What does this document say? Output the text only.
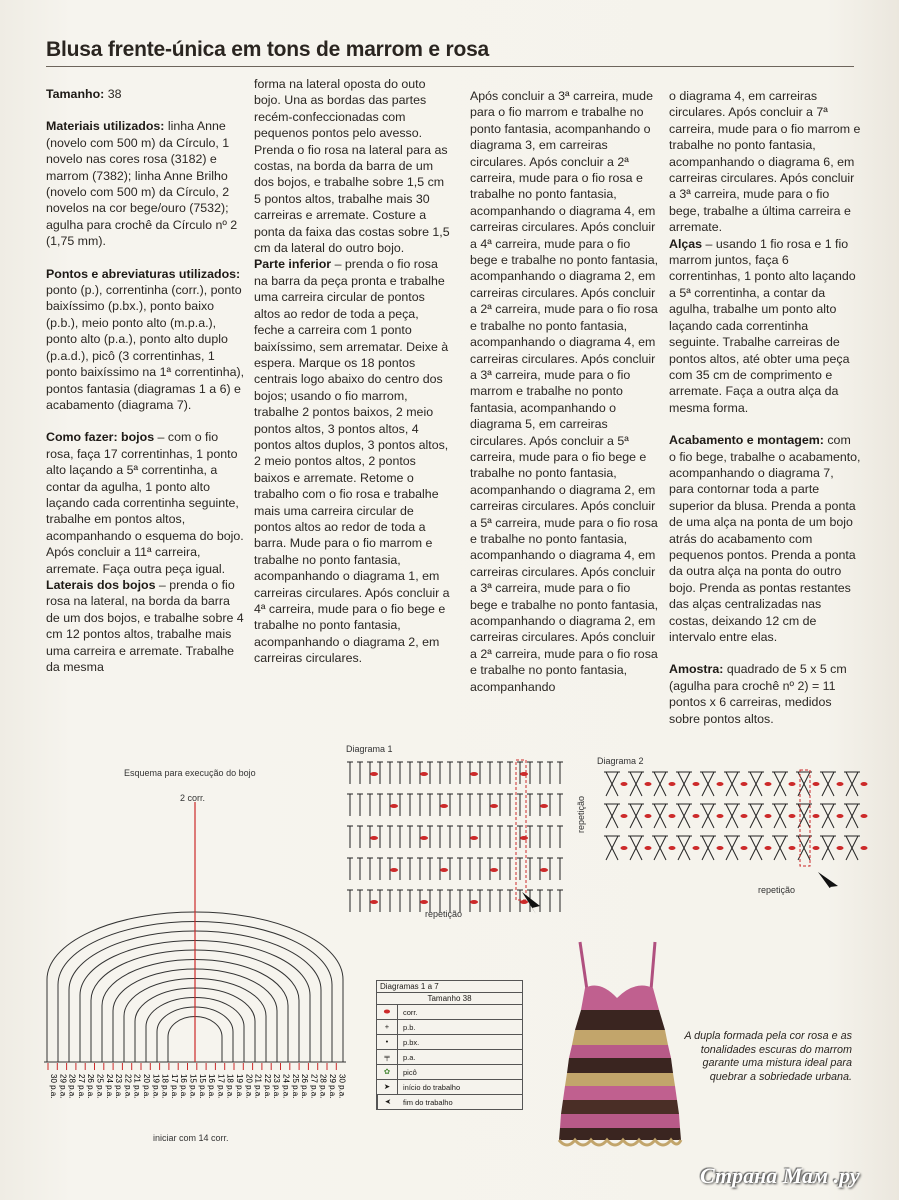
Blusa frente-única em tons de marrom e rosa

Tamanho: 38

Materiais utilizados: linha Anne (novelo com 500 m) da Círculo, 1 novelo nas cores rosa (3182) e marrom (7382); linha Anne Brilho (novelo com 500 m) da Círculo, 2 novelos na cor bege/ouro (7532); agulha para crochê da Círculo nº 2 (1,75 mm).

Pontos e abreviaturas utilizados: ponto (p.), correntinha (corr.), ponto baixíssimo (p.bx.), ponto baixo (p.b.), meio ponto alto (m.p.a.), ponto alto (p.a.), ponto alto duplo (p.a.d.), picô (3 correntinhas, 1 ponto baixíssimo na 1ª correntinha), pontos fantasia (diagramas 1 a 6) e acabamento (diagrama 7).

Como fazer: bojos – com o fio rosa, faça 17 correntinhas, 1 ponto alto laçando a 5ª correntinha, a contar da agulha, 1 ponto alto laçando cada correntinha seguinte, trabalhe em pontos altos, acompanhando o esquema do bojo. Após concluir a 11ª carreira, arremate. Faça outra peça igual.

Laterais dos bojos – prenda o fio rosa na lateral, na borda da barra de um dos bojos, e trabalhe sobre 4 cm 12 pontos altos, trabalhe mais uma carreira e arremate. Trabalhe da mesma

forma na lateral oposta do outo bojo. Una as bordas das partes recém-confeccionadas com pequenos pontos pelo avesso. Prenda o fio rosa na lateral para as costas, na borda da barra de um dos bojos, e trabalhe sobre 1,5 cm 5 pontos altos, trabalhe mais 30 carreiras e arremate. Costure a ponta da faixa das costas sobre 1,5 cm da lateral do outro bojo.

Parte inferior – prenda o fio rosa na barra da peça pronta e trabalhe uma carreira circular de pontos altos ao redor de toda a peça, feche a carreira com 1 ponto baixíssimo, sem arrematar. Deixe à espera. Marque os 18 pontos centrais logo abaixo do centro dos bojos; usando o fio marrom, trabalhe 2 pontos baixos, 2 meio pontos altos, 3 pontos altos, 4 pontos altos duplos, 3 pontos altos, 2 meio pontos altos, 2 pontos baixos e arremate. Retome o trabalho com o fio rosa e trabalhe mais uma carreira circular de pontos altos ao redor de toda a barra. Mude para o fio marrom e trabalhe no ponto fantasia, acompanhando o diagrama 1, em carreiras circulares. Após concluir a 4ª carreira, mude para o fio bege e trabalhe no ponto fantasia, acompanhando o diagrama 2, em carreiras circulares.

Após concluir a 3ª carreira, mude para o fio marrom e trabalhe no ponto fantasia, acompanhando o diagrama 3, em carreiras circulares. Após concluir a 2ª carreira, mude para o fio rosa e trabalhe no ponto fantasia, acompanhando o diagrama 4, em carreiras circulares. Após concluir a 4ª carreira, mude para o fio bege e trabalhe no ponto fantasia, acompanhando o diagrama 2, em carreiras circulares. Após concluir a 2ª carreira, mude para o fio rosa e trabalhe no ponto fantasia, acompanhando o diagrama 4, em carreiras circulares. Após concluir a 3ª carreira, mude para o fio marrom e trabalhe no ponto fantasia, acompanhando o diagrama 5, em carreiras circulares. Após concluir a 5ª carreira, mude para o fio bege e trabalhe no ponto fantasia, acompanhando o diagrama 2, em carreiras circulares. Após concluir a 5ª carreira, mude para o fio rosa e trabalhe no ponto fantasia, acompanhando o diagrama 4, em carreiras circulares. Após concluir a 3ª carreira, mude para o fio bege e trabalhe no ponto fantasia, acompanhando o diagrama 2, em carreiras circulares. Após concluir a 2ª carreira, mude para o fio rosa e trabalhe no ponto fantasia, acompanhando

o diagrama 4, em carreiras circulares. Após concluir a 7ª carreira, mude para o fio marrom e trabalhe no ponto fantasia, acompanhando o diagrama 6, em carreiras circulares. Após concluir a 3ª carreira, mude para o fio bege, trabalhe a última carreira e arremate.

Alças – usando 1 fio rosa e 1 fio marrom juntos, faça 6 correntinhas, 1 ponto alto laçando a 5ª correntinha, a contar da agulha, trabalhe um ponto alto laçando cada correntinha seguinte. Trabalhe carreiras de pontos altos, até obter uma peça com 35 cm de comprimento e arremate. Faça a outra alça da mesma forma.

Acabamento e montagem: com o fio bege, trabalhe o acabamento, acompanhando o diagrama 7, para contornar toda a parte superior da blusa. Prenda a ponta de uma alça na ponta de um bojo atrás do acabamento com pequenos pontos. Prenda a ponta da outra alça na ponta do outro bojo. Prenda as pontas restantes das alças centralizadas nas costas, deixando 12 cm de intervalo entre elas.

Amostra: quadrado de 5 x 5 cm (agulha para crochê nº 2) = 11 pontos x 6 carreiras, medidos sobre pontos altos.

Esquema para execução do bojo
2 corr.
iniciar com 14 corr.
30 p.a. 29 p.a. 28 p.a. 27 p.a. 26 p.a. 25 p.a. 24 p.a. 23 p.a. 22 p.a. 21 p.a. 20 p.a. 19 p.a. 18 p.a. 17 p.a. 16 p.a. 15 p.a. 15 p.a. 16 p.a. 17 p.a. 18 p.a. 19 p.a. 20 p.a. 21 p.a. 22 p.a. 23 p.a. 24 p.a. 25 p.a. 26 p.a. 27 p.a. 28 p.a. 29 p.a. 30 p.a.
Diagrama 1
repetição
Diagrama 2
repetição
repetição
Diagramas 1 a 7
Tamanho 38
⬬	corr.
+	p.b.
•	p.bx.
╤	p.a.
✿	picô
➤	início do trabalho
➤	fim do trabalho
A dupla formada pela cor rosa e as tonalidades escuras do marrom garante uma mistura ideal para quebrar a sobriedade urbana.
Страна Мам .ру
